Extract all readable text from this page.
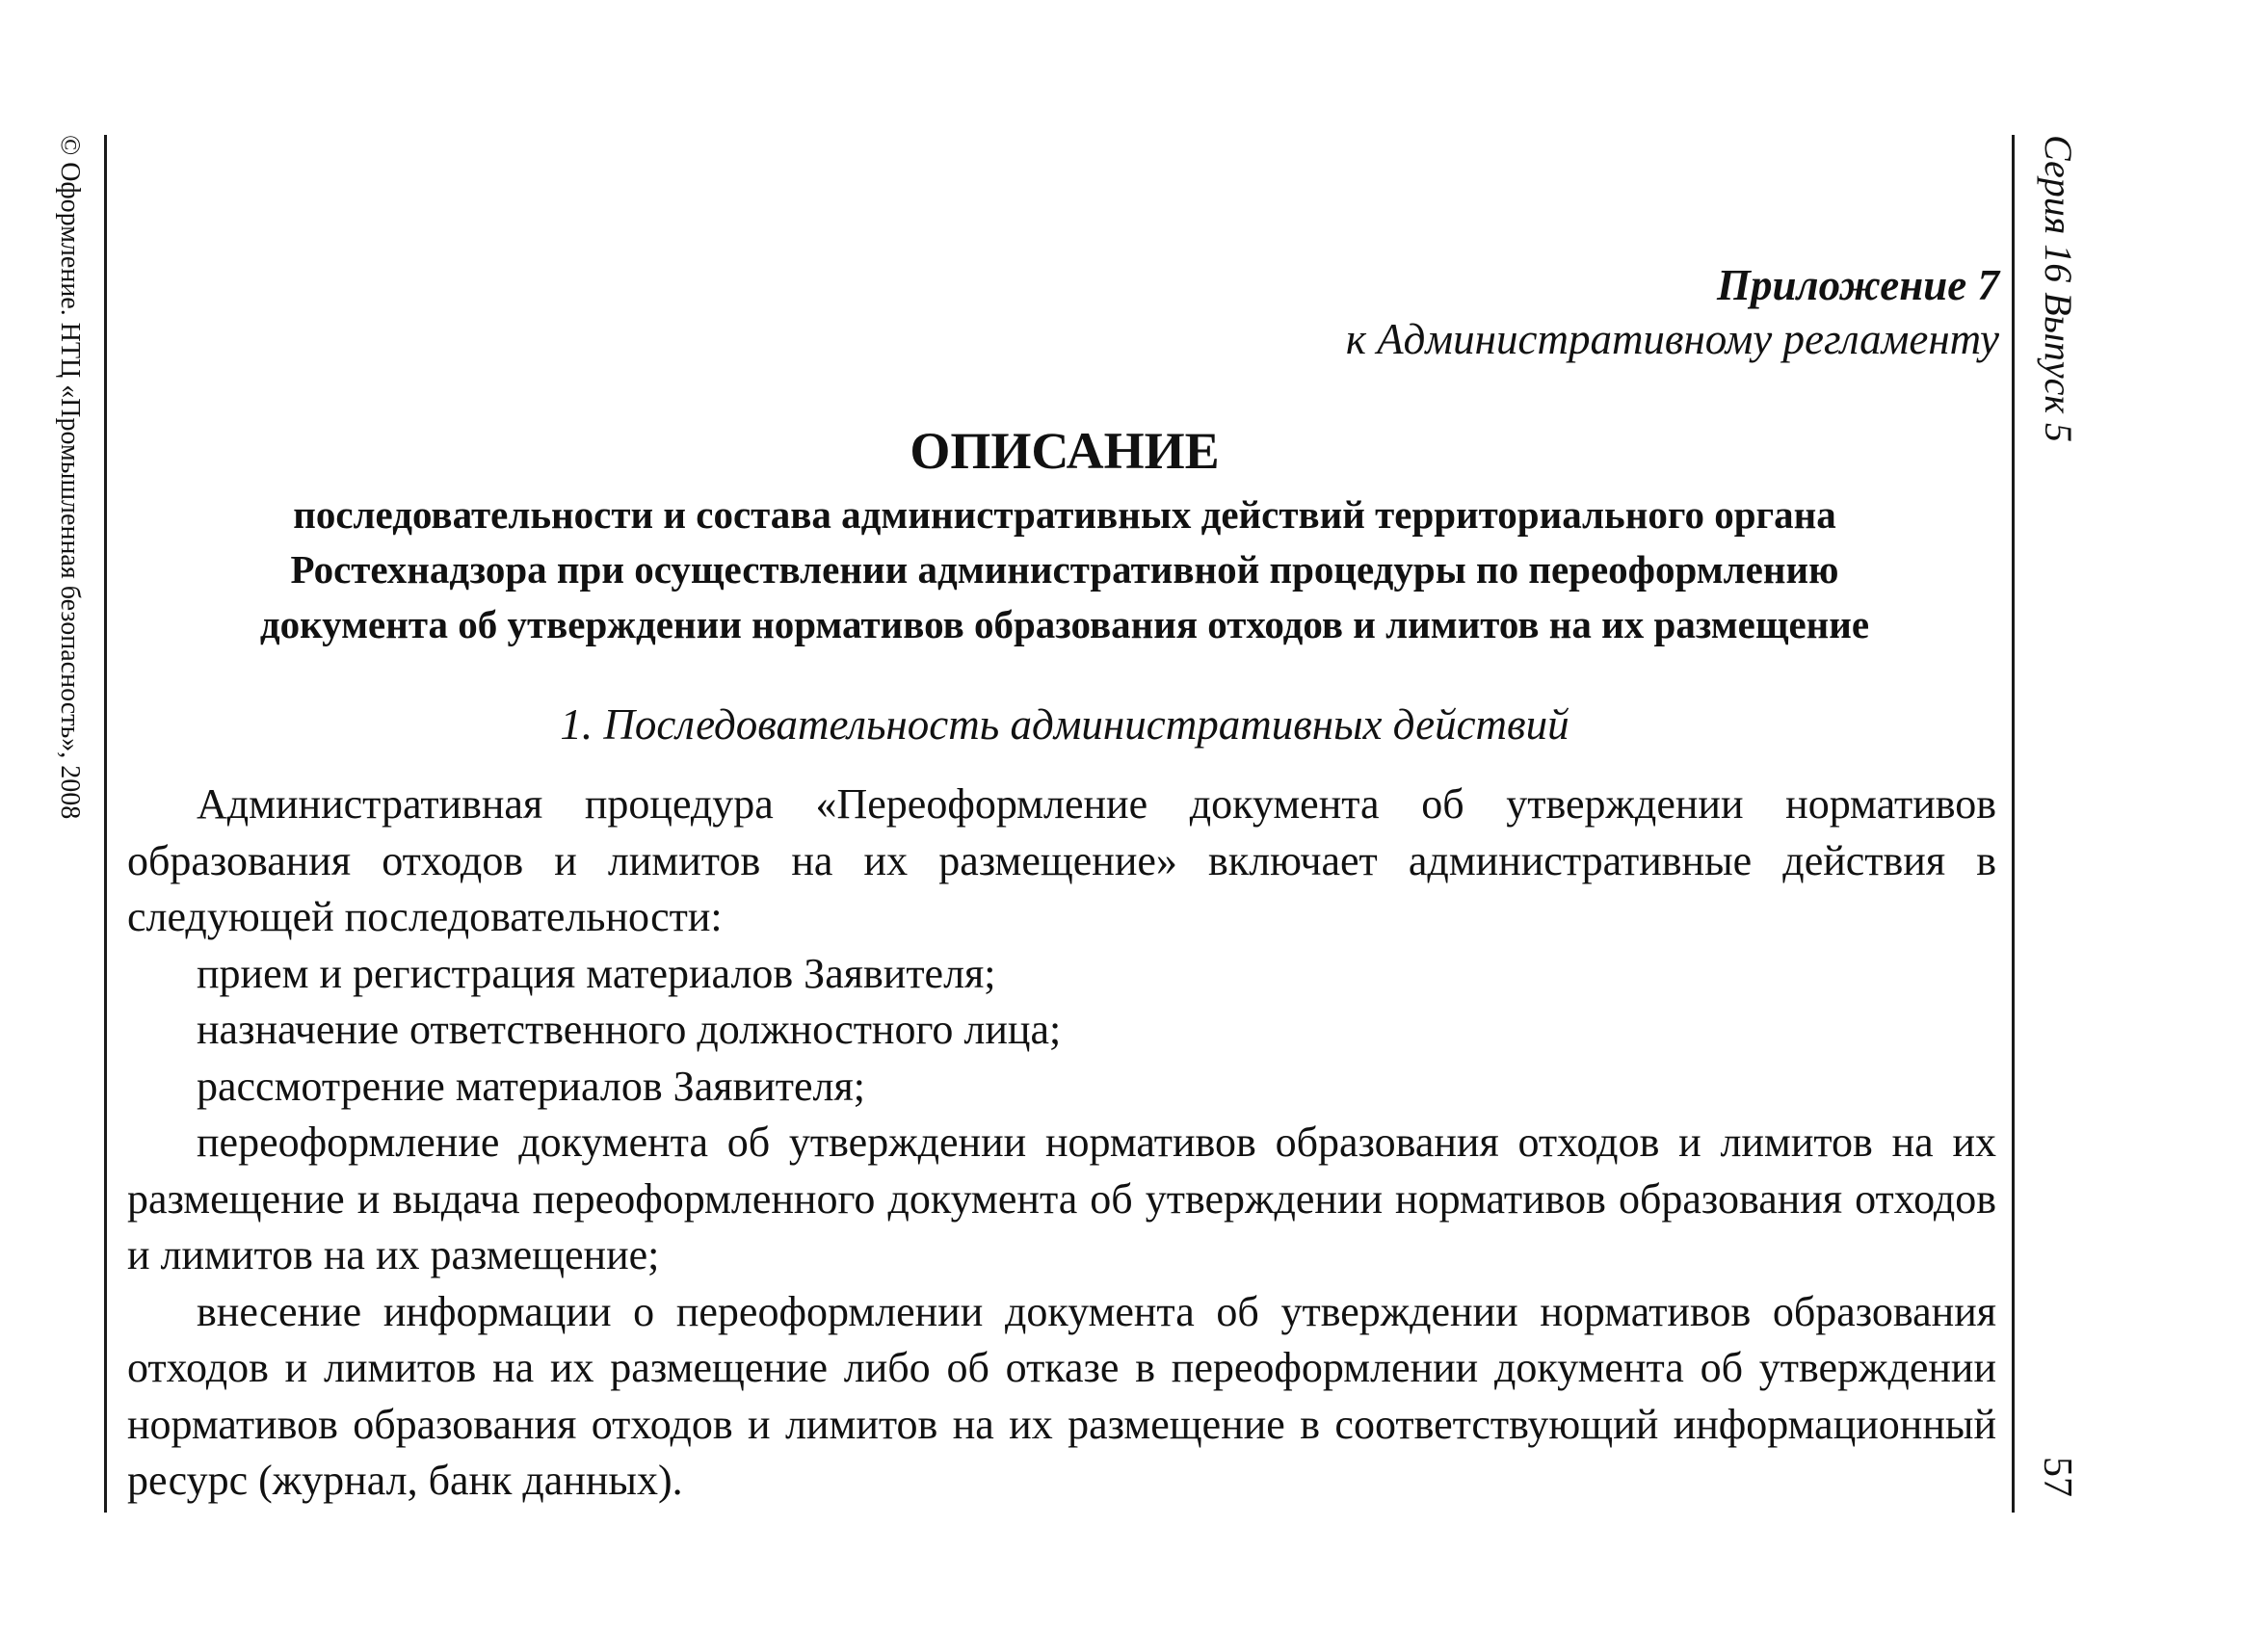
© Оформление. НТЦ «Промышленная безопасность», 2008	Серия 16 Выпуск 5
57
Приложение 7
к Административному регламенту
ОПИСАНИЕ
последовательности и состава административных действий территориального органа
Ростехнадзора при осуществлении административной процедуры по переоформлению
документа об утверждении нормативов образования отходов и лимитов на их размещение
1. Последовательность административных действий

Административная процедура «Переоформление документа об утверждении нормативов образования отходов и лимитов на их размещение» включает административные действия в следующей последовательности:

прием и регистрация материалов Заявителя;

назначение ответственного должностного лица;

рассмотрение материалов Заявителя;

переоформление документа об утверждении нормативов образования отходов и лимитов на их размещение и выдача переоформленного документа об утверждении нормативов образования отходов и лимитов на их размещение;

внесение информации о переоформлении документа об утверждении нормативов образования отходов и лимитов на их размещение либо об отказе в переоформлении документа об утверждении нормативов образования отходов и лимитов на их размещение в соответствующий информационный ресурс (журнал, банк данных).
